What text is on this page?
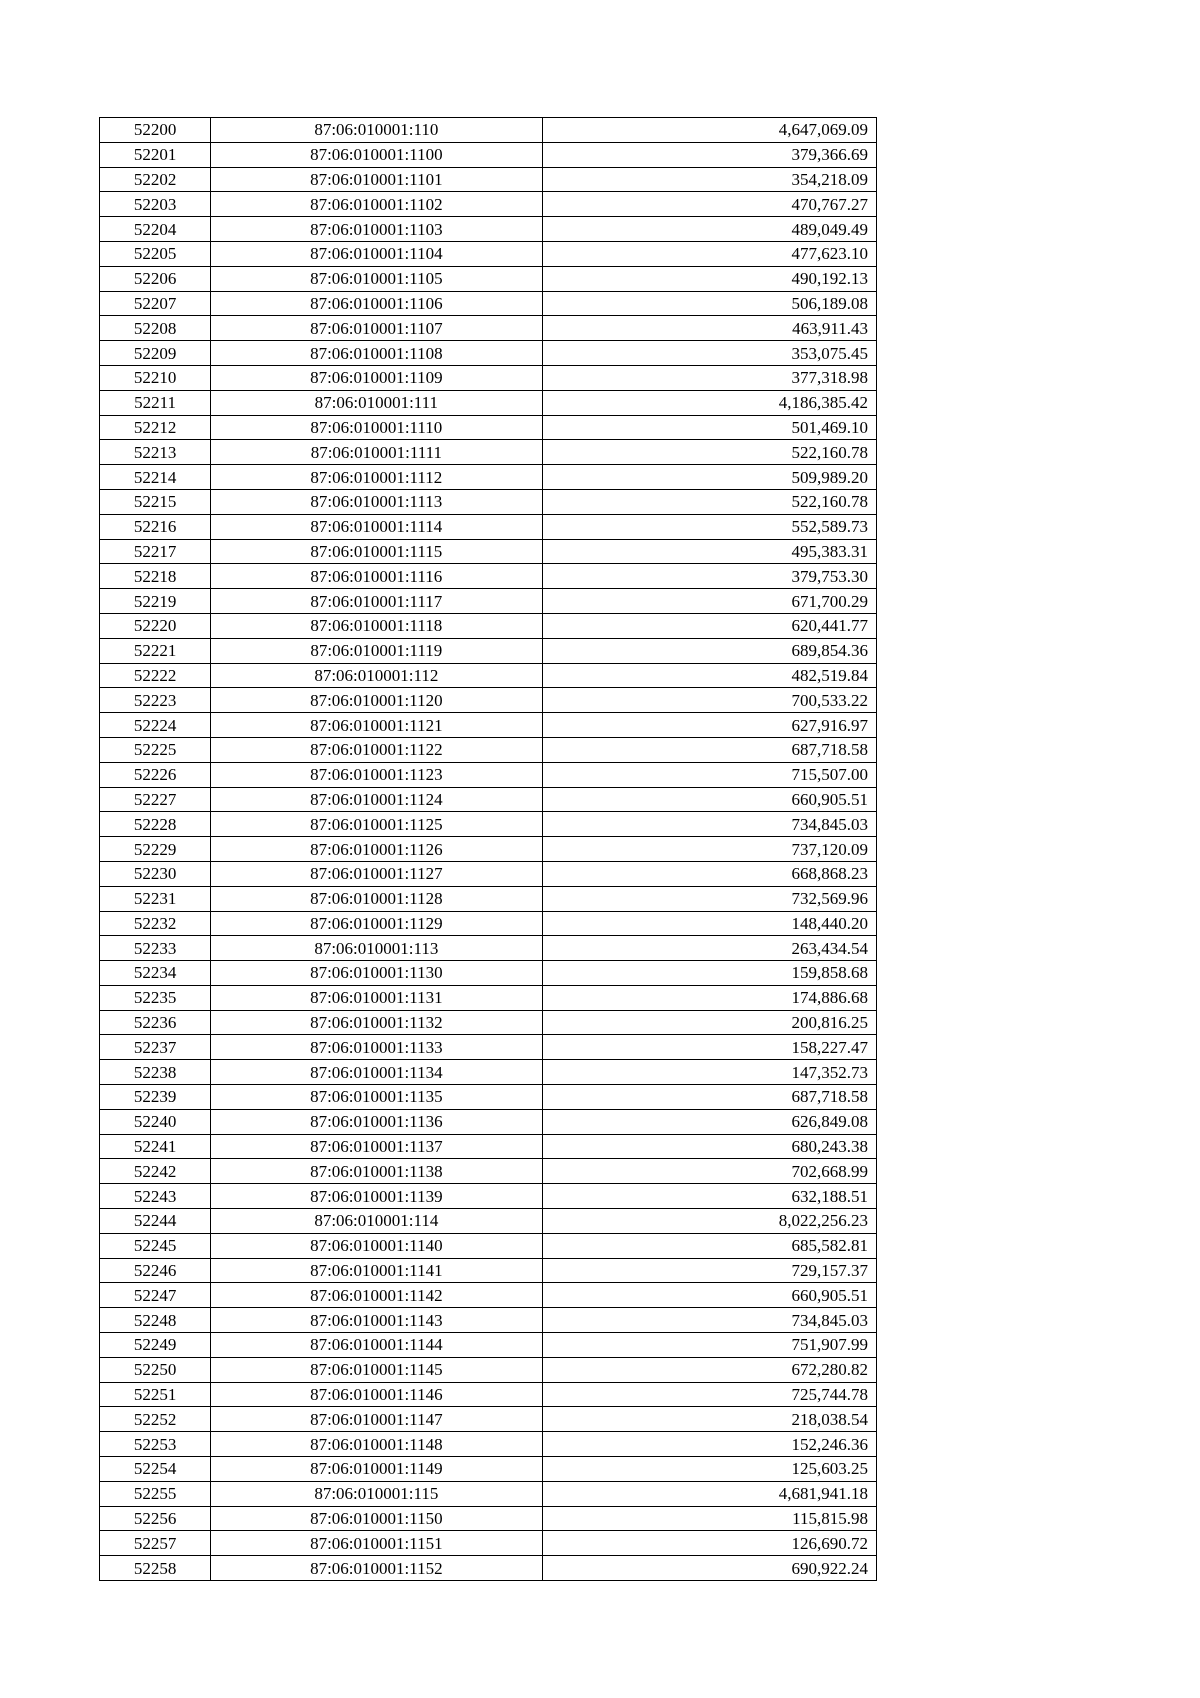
52200	87:06:010001:110	4,647,069.09
52201	87:06:010001:1100	379,366.69
52202	87:06:010001:1101	354,218.09
52203	87:06:010001:1102	470,767.27
52204	87:06:010001:1103	489,049.49
52205	87:06:010001:1104	477,623.10
52206	87:06:010001:1105	490,192.13
52207	87:06:010001:1106	506,189.08
52208	87:06:010001:1107	463,911.43
52209	87:06:010001:1108	353,075.45
52210	87:06:010001:1109	377,318.98
52211	87:06:010001:111	4,186,385.42
52212	87:06:010001:1110	501,469.10
52213	87:06:010001:1111	522,160.78
52214	87:06:010001:1112	509,989.20
52215	87:06:010001:1113	522,160.78
52216	87:06:010001:1114	552,589.73
52217	87:06:010001:1115	495,383.31
52218	87:06:010001:1116	379,753.30
52219	87:06:010001:1117	671,700.29
52220	87:06:010001:1118	620,441.77
52221	87:06:010001:1119	689,854.36
52222	87:06:010001:112	482,519.84
52223	87:06:010001:1120	700,533.22
52224	87:06:010001:1121	627,916.97
52225	87:06:010001:1122	687,718.58
52226	87:06:010001:1123	715,507.00
52227	87:06:010001:1124	660,905.51
52228	87:06:010001:1125	734,845.03
52229	87:06:010001:1126	737,120.09
52230	87:06:010001:1127	668,868.23
52231	87:06:010001:1128	732,569.96
52232	87:06:010001:1129	148,440.20
52233	87:06:010001:113	263,434.54
52234	87:06:010001:1130	159,858.68
52235	87:06:010001:1131	174,886.68
52236	87:06:010001:1132	200,816.25
52237	87:06:010001:1133	158,227.47
52238	87:06:010001:1134	147,352.73
52239	87:06:010001:1135	687,718.58
52240	87:06:010001:1136	626,849.08
52241	87:06:010001:1137	680,243.38
52242	87:06:010001:1138	702,668.99
52243	87:06:010001:1139	632,188.51
52244	87:06:010001:114	8,022,256.23
52245	87:06:010001:1140	685,582.81
52246	87:06:010001:1141	729,157.37
52247	87:06:010001:1142	660,905.51
52248	87:06:010001:1143	734,845.03
52249	87:06:010001:1144	751,907.99
52250	87:06:010001:1145	672,280.82
52251	87:06:010001:1146	725,744.78
52252	87:06:010001:1147	218,038.54
52253	87:06:010001:1148	152,246.36
52254	87:06:010001:1149	125,603.25
52255	87:06:010001:115	4,681,941.18
52256	87:06:010001:1150	115,815.98
52257	87:06:010001:1151	126,690.72
52258	87:06:010001:1152	690,922.24
